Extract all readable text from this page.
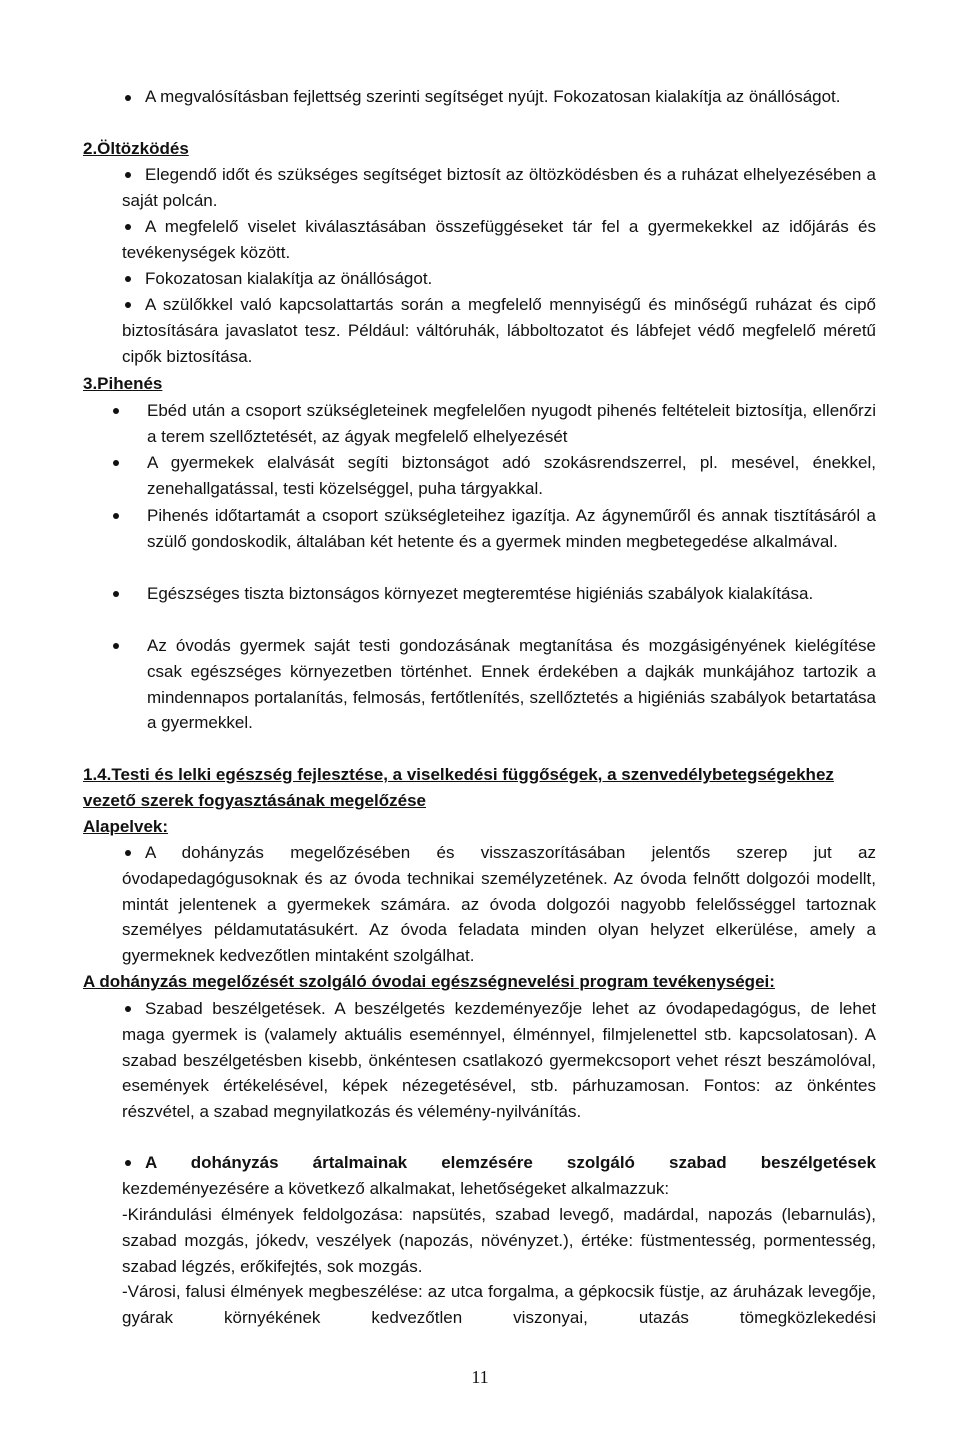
A megvalósításban fejlettség szerinti segítséget nyújt. Fokozatosan kialakítja az önállóságot.
2.Öltözködés
Elegendő időt és szükséges segítséget biztosít az öltözködésben és a ruházat elhelyezésében a saját polcán.
A megfelelő viselet kiválasztásában összefüggéseket tár fel a gyermekekkel az időjárás és tevékenységek között.
Fokozatosan kialakítja az önállóságot.
A szülőkkel való kapcsolattartás során a megfelelő mennyiségű és minőségű ruházat és cipő biztosítására javaslatot tesz. Például: váltóruhák, lábboltozatot és lábfejet védő megfelelő méretű cipők biztosítása.
3.Pihenés
Ebéd után a csoport szükségleteinek megfelelően nyugodt pihenés feltételeit biztosítja, ellenőrzi a terem szellőztetését, az ágyak megfelelő elhelyezését
A gyermekek elalvását segíti biztonságot adó szokásrendszerrel, pl. mesével, énekkel, zenehallgatással, testi közelséggel, puha tárgyakkal.
Pihenés időtartamát a csoport szükségleteihez igazítja. Az ágyneműről és annak tisztításáról a szülő gondoskodik, általában két hetente és a gyermek minden megbetegedése alkalmával.
Egészséges tiszta biztonságos környezet megteremtése higiéniás szabályok kialakítása.
Az óvodás gyermek saját testi gondozásának megtanítása és mozgásigényének kielégítése csak egészséges környezetben történhet. Ennek érdekében a dajkák munkájához tartozik a mindennapos portalanítás, felmosás, fertőtlenítés, szellőztetés a higiéniás szabályok betartatása a gyermekkel.
1.4.Testi és lelki egészség fejlesztése, a viselkedési függőségek, a szenvedélybetegségekhez vezető szerek fogyasztásának megelőzése
Alapelvek:
A dohányzás megelőzésében és visszaszorításában jelentős szerep jut az óvodapedagógusoknak és az óvoda technikai személyzetének. Az óvoda felnőtt dolgozói modellt, mintát jelentenek a gyermekek számára. az óvoda dolgozói nagyobb felelősséggel tartoznak személyes példamutatásukért. Az óvoda feladata minden olyan helyzet elkerülése, amely a gyermeknek kedvezőtlen mintaként szolgálhat.
A dohányzás megelőzését szolgáló óvodai egészségnevelési program tevékenységei:
Szabad beszélgetések. A beszélgetés kezdeményezője lehet az óvodapedagógus, de lehet maga gyermek is (valamely aktuális eseménnyel, élménnyel, filmjelenettel stb. kapcsolatosan). A szabad beszélgetésben kisebb, önkéntesen csatlakozó gyermekcsoport vehet részt beszámolóval, események értékelésével, képek nézegetésével, stb. párhuzamosan. Fontos: az önkéntes részvétel, a szabad megnyilatkozás és vélemény-nyilvánítás.
A dohányzás ártalmainak elemzésére szolgáló szabad beszélgetések
kezdeményezésére a következő alkalmakat, lehetőségeket alkalmazzuk:
-Kirándulási élmények feldolgozása: napsütés, szabad levegő, madárdal, napozás (lebarnulás), szabad mozgás, jókedv, veszélyek (napozás, növényzet.), értéke: füstmentesség, pormentesség, szabad légzés, erőkifejtés, sok mozgás.
-Városi, falusi élmények megbeszélése: az utca forgalma, a gépkocsik füstje, az áruházak levegője, gyárak környékének kedvezőtlen viszonyai, utazás tömegközlekedési
11
